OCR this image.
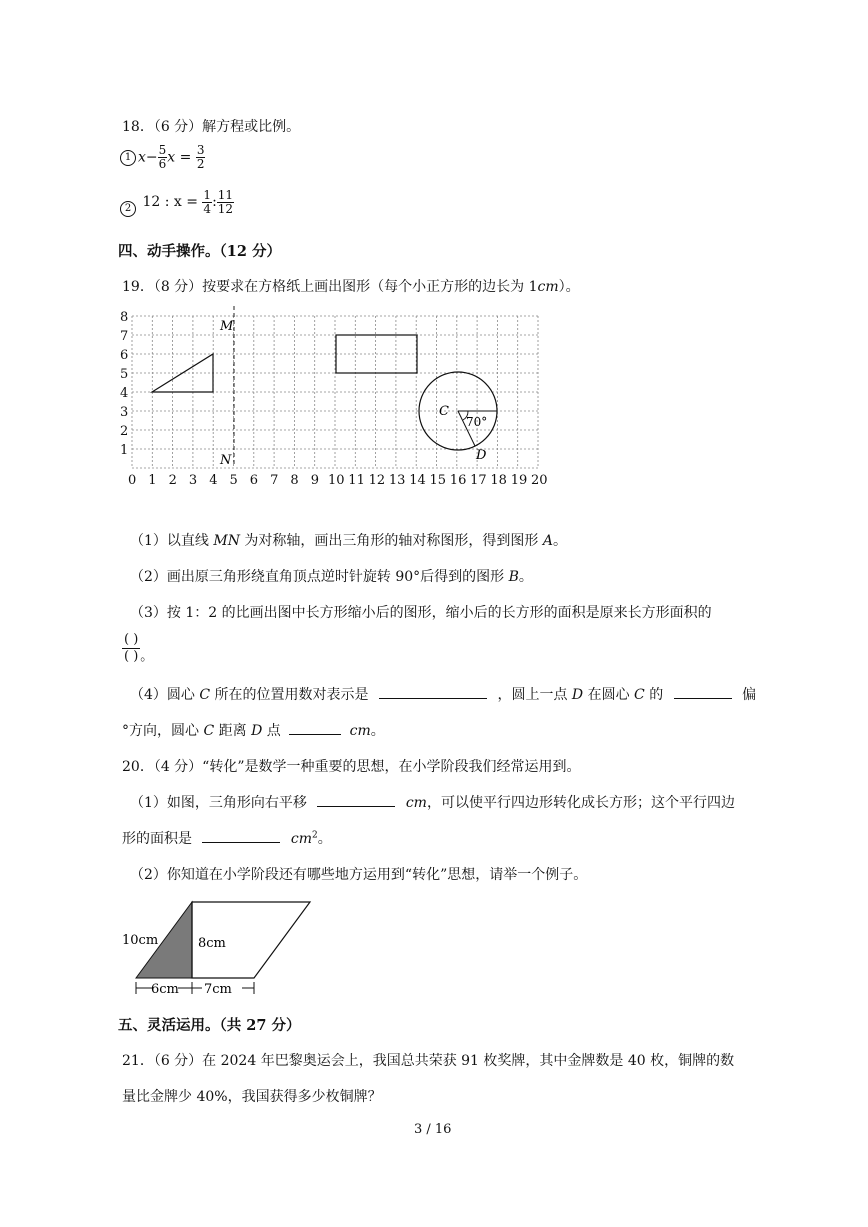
18．（6 分）解方程或比例。
1 $x- \frac{5}{6}$ $x = \frac{3}{2}$
2 12 : $x = \frac{1}{4}$ : $\frac{11}{12}$
四、动手操作。（12 分）
19．（8 分）按要求在方格纸上画出图形（每个小正方形的边长为 1cm）。
0 1 2 3 4 5 6 7 8 9 10 11 12 13 14 15 16 17 18 19 20
1
2
3
4
5
6
7
8
M
N
C
70°
D
（1）以直线 MN 为对称轴，画出三角形的轴对称图形，得到图形 A。
（2）画出原三角形绕直角顶点逆时针旋转 90°后得到的图形 B。
（3）按 1：2 的比画出图中长方形缩小后的图形，缩小后的长方形的面积是原来长方形面积的
( )
( ) 。
（4）圆心 C 所在的位置用数对表示是	，圆上一点 D 在圆心 C 的	偏
°方向，圆心 C 距离 D 点	cm。
20．（4 分）“转化”是数学一种重要的思想，在小学阶段我们经常运用到。
（1）如图，三角形向右平移	cm，可以使平行四边形转化成长方形；这个平行四边
形的面积是	$cm^2$。
（2）你知道在小学阶段还有哪些地方运用到“转化”思想，请举一个例子。
10cm	8cm
6cm 7cm
五、灵活运用。（共 27 分）
21．（6 分）在 2024 年巴黎奥运会上，我国总共荣获 91 枚奖牌，其中金牌数是 40 枚，铜牌的数
量比金牌少 40%，我国获得多少枚铜牌？
3 / 16
